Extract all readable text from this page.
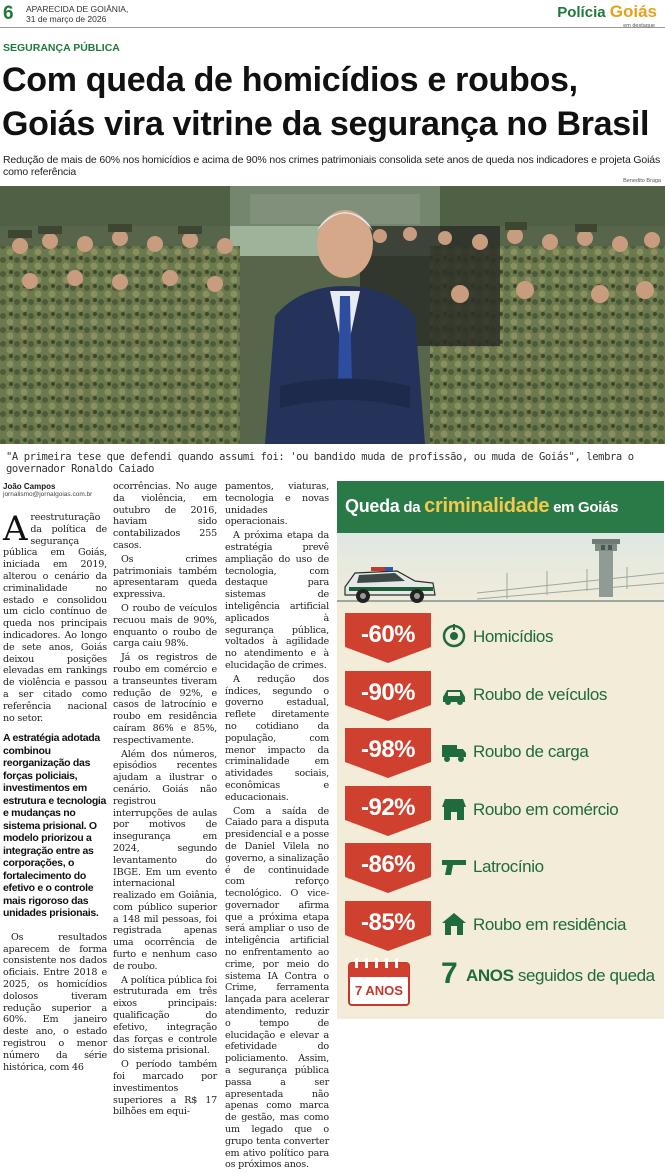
6 APARECIDA DE GOIÂNIA,
31 de março de 2026	Polícia Goiás
em destaque
SEGURANÇA PÚBLICA
Com queda de homicídios e roubos,
Goiás vira vitrine da segurança no Brasil
Redução de mais de 60% nos homicídios e acima de 90% nos crimes patrimoniais consolida sete anos de queda nos indicadores e projeta Goiás como referência
Benedito Braga
"A primeira tese que defendi quando assumi foi: 'ou bandido muda de profissão, ou muda de Goiás", lembra o governador Ronaldo Caiado
João Campos
jornalismo@jornalgoias.com.br

Areestruturação da política de segurança pública em Goiás, iniciada em 2019, alterou o cenário da criminalidade no estado e consolidou um ciclo contínuo de queda nos principais indicadores. Ao longo de sete anos, Goiás deixou posições elevadas em rankings de violência e passou a ser citado como referência nacional no setor.

A estratégia adotada combinou reorganização das forças policiais, investimentos em estrutura e tecnologia e mudanças no sistema prisional. O modelo priorizou a integração entre as corporações, o fortalecimento do efetivo e o controle mais rigoroso das unidades prisionais.

Os resultados aparecem de forma consistente nos dados oficiais. Entre 2018 e 2025, os homicídios dolosos tiveram redução superior a 60%. Em janeiro deste ano, o estado registrou o menor número da série histórica, com 46

ocorrências. No auge da violência, em outubro de 2016, haviam sido contabilizados 255 casos.

Os crimes patrimoniais também apresentaram queda expressiva.

O roubo de veículos recuou mais de 90%, enquanto o roubo de carga caiu 98%.

Já os registros de roubo em comércio e a transeuntes tiveram redução de 92%, e casos de latrocínio e roubo em residência caíram 86% e 85%, respectivamente.

Além dos números, episódios recentes ajudam a ilustrar o cenário. Goiás não registrou interrupções de aulas por motivos de insegurança em 2024, segundo levantamento do IBGE. Em um evento internacional realizado em Goiânia, com público superior a 148 mil pessoas, foi registrada apenas uma ocorrência de furto e nenhum caso de roubo.

A política pública foi estruturada em três eixos principais: qualificação do efetivo, integração das forças e controle do sistema prisional.

O período também foi marcado por investimentos superiores a R$ 17 bilhões em equi-

pamentos, viaturas, tecnologia e novas unidades operacionais.

A próxima etapa da estratégia prevê ampliação do uso de tecnologia, com destaque para sistemas de inteligência artificial aplicados à segurança pública, voltados à agilidade no atendimento e à elucidação de crimes.

A redução dos índices, segundo o governo estadual, reflete diretamente no cotidiano da população, com menor impacto da criminalidade em atividades sociais, econômicas e educacionais.

Com a saída de Caiado para a disputa presidencial e a posse de Daniel Vilela no governo, a sinalização é de continuidade com reforço tecnológico. O vice-governador afirma que a próxima etapa será ampliar o uso de inteligência artificial no enfrentamento ao crime, por meio do sistema IA Contra o Crime, ferramenta lançada para acelerar atendimento, reduzir o tempo de elucidação e elevar a efetividade do policiamento. Assim, a segurança pública passa a ser apresentada não apenas como marca de gestão, mas como um legado que o grupo tenta converter em ativo político para os próximos anos.

Queda da criminalidade em Goiás
-60%	Homicídios
-90%	Roubo de veículos
-98%	Roubo de carga
-92%	Roubo em comércio
-86%	Latrocínio
-85%	Roubo em residência
7 ANOS
7 ANOS seguidos de queda
